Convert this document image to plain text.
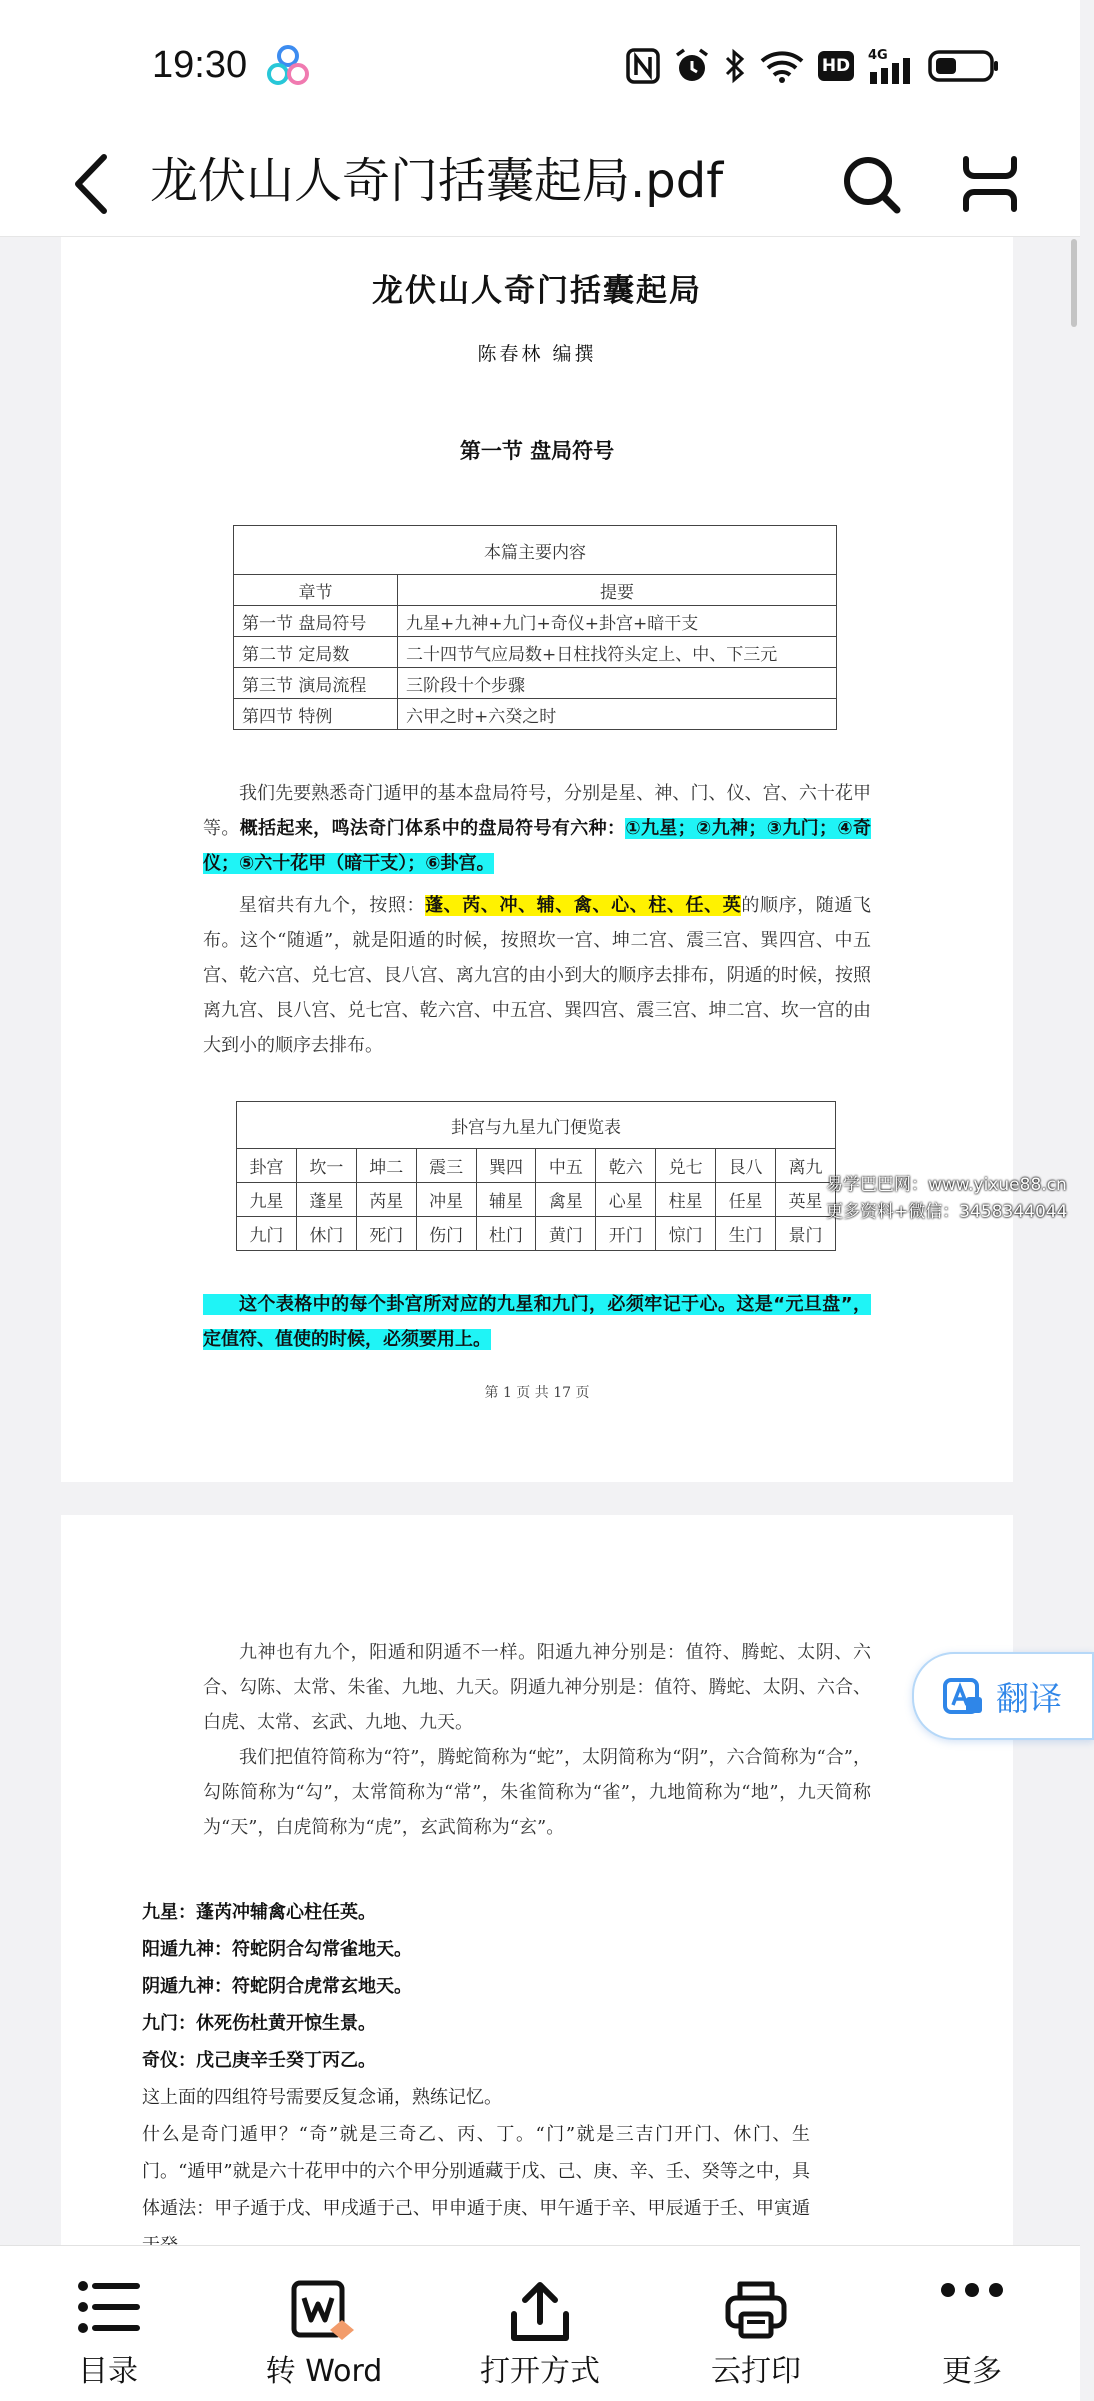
19:30	HD
4G
龙伏山人奇门括囊起局.pdf
龙伏山人奇门括囊起局
陈春林 编撰
第一节 盘局符号
本篇主要内容	
章节	提要
第一节 盘局符号	九星+九神+九门+奇仪+卦宫+暗干支
第二节 定局数	二十四节气应局数+日柱找符头定上、中、下三元
第三节 演局流程	三阶段十个步骤
第四节 特例	六甲之时+六癸之时

我们先要熟悉奇门遁甲的基本盘局符号，分别是星、神、门、仪、宫、六十花甲等。概括起来，鸣法奇门体系中的盘局符号有六种：①九星；②九神；③九门；④奇仪；⑤六十花甲（暗干支）；⑥卦宫。

星宿共有九个，按照：蓬、芮、冲、辅、禽、心、柱、任、英的顺序，随遁飞布。这个“随遁”，就是阳遁的时候，按照坎一宫、坤二宫、震三宫、巽四宫、中五宫、乾六宫、兑七宫、艮八宫、离九宫的由小到大的顺序去排布，阴遁的时候，按照离九宫、艮八宫、兑七宫、乾六宫、中五宫、巽四宫、震三宫、坤二宫、坎一宫的由大到小的顺序去排布。

卦宫与九星九门便览表									
卦宫	坎一	坤二	震三	巽四	中五	乾六	兑七	艮八	离九
九星	蓬星	芮星	冲星	辅星	禽星	心星	柱星	任星	英星
九门	休门	死门	伤门	杜门	黄门	开门	惊门	生门	景门

这个表格中的每个卦宫所对应的九星和九门，必须牢记于心。这是“元旦盘”，定值符、值使的时候，必须要用上。

第 1 页 共 17 页

九神也有九个，阳遁和阴遁不一样。阳遁九神分别是：值符、腾蛇、太阴、六合、勾陈、太常、朱雀、九地、九天。阴遁九神分别是：值符、腾蛇、太阴、六合、白虎、太常、玄武、九地、九天。
我们把值符简称为“符”，腾蛇简称为“蛇”，太阴简称为“阴”，六合简称为“合”，勾陈简称为“勾”，太常简称为“常”，朱雀简称为“雀”，九地简称为“地”，九天简称为“天”，白虎简称为“虎”，玄武简称为“玄”。

九星：蓬芮冲辅禽心柱任英。
阳遁九神：符蛇阴合勾常雀地天。
阴遁九神：符蛇阴合虎常玄地天。
九门：休死伤杜黄开惊生景。
奇仪：戊己庚辛壬癸丁丙乙。
这上面的四组符号需要反复念诵，熟练记忆。
什么是奇门遁甲？“奇”就是三奇乙、丙、丁。“门”就是三吉门开门、休门、生门。“遁甲”就是六十花甲中的六个甲分别遁藏于戊、己、庚、辛、壬、癸等之中，具体遁法：甲子遁于戊、甲戌遁于己、甲申遁于庚、甲午遁于辛、甲辰遁于壬、甲寅遁
易学巴巴网：www.yixue88.cn
更多资料+微信：3458344044
翻译
目录	转 Word	打开方式	云打印	更多
